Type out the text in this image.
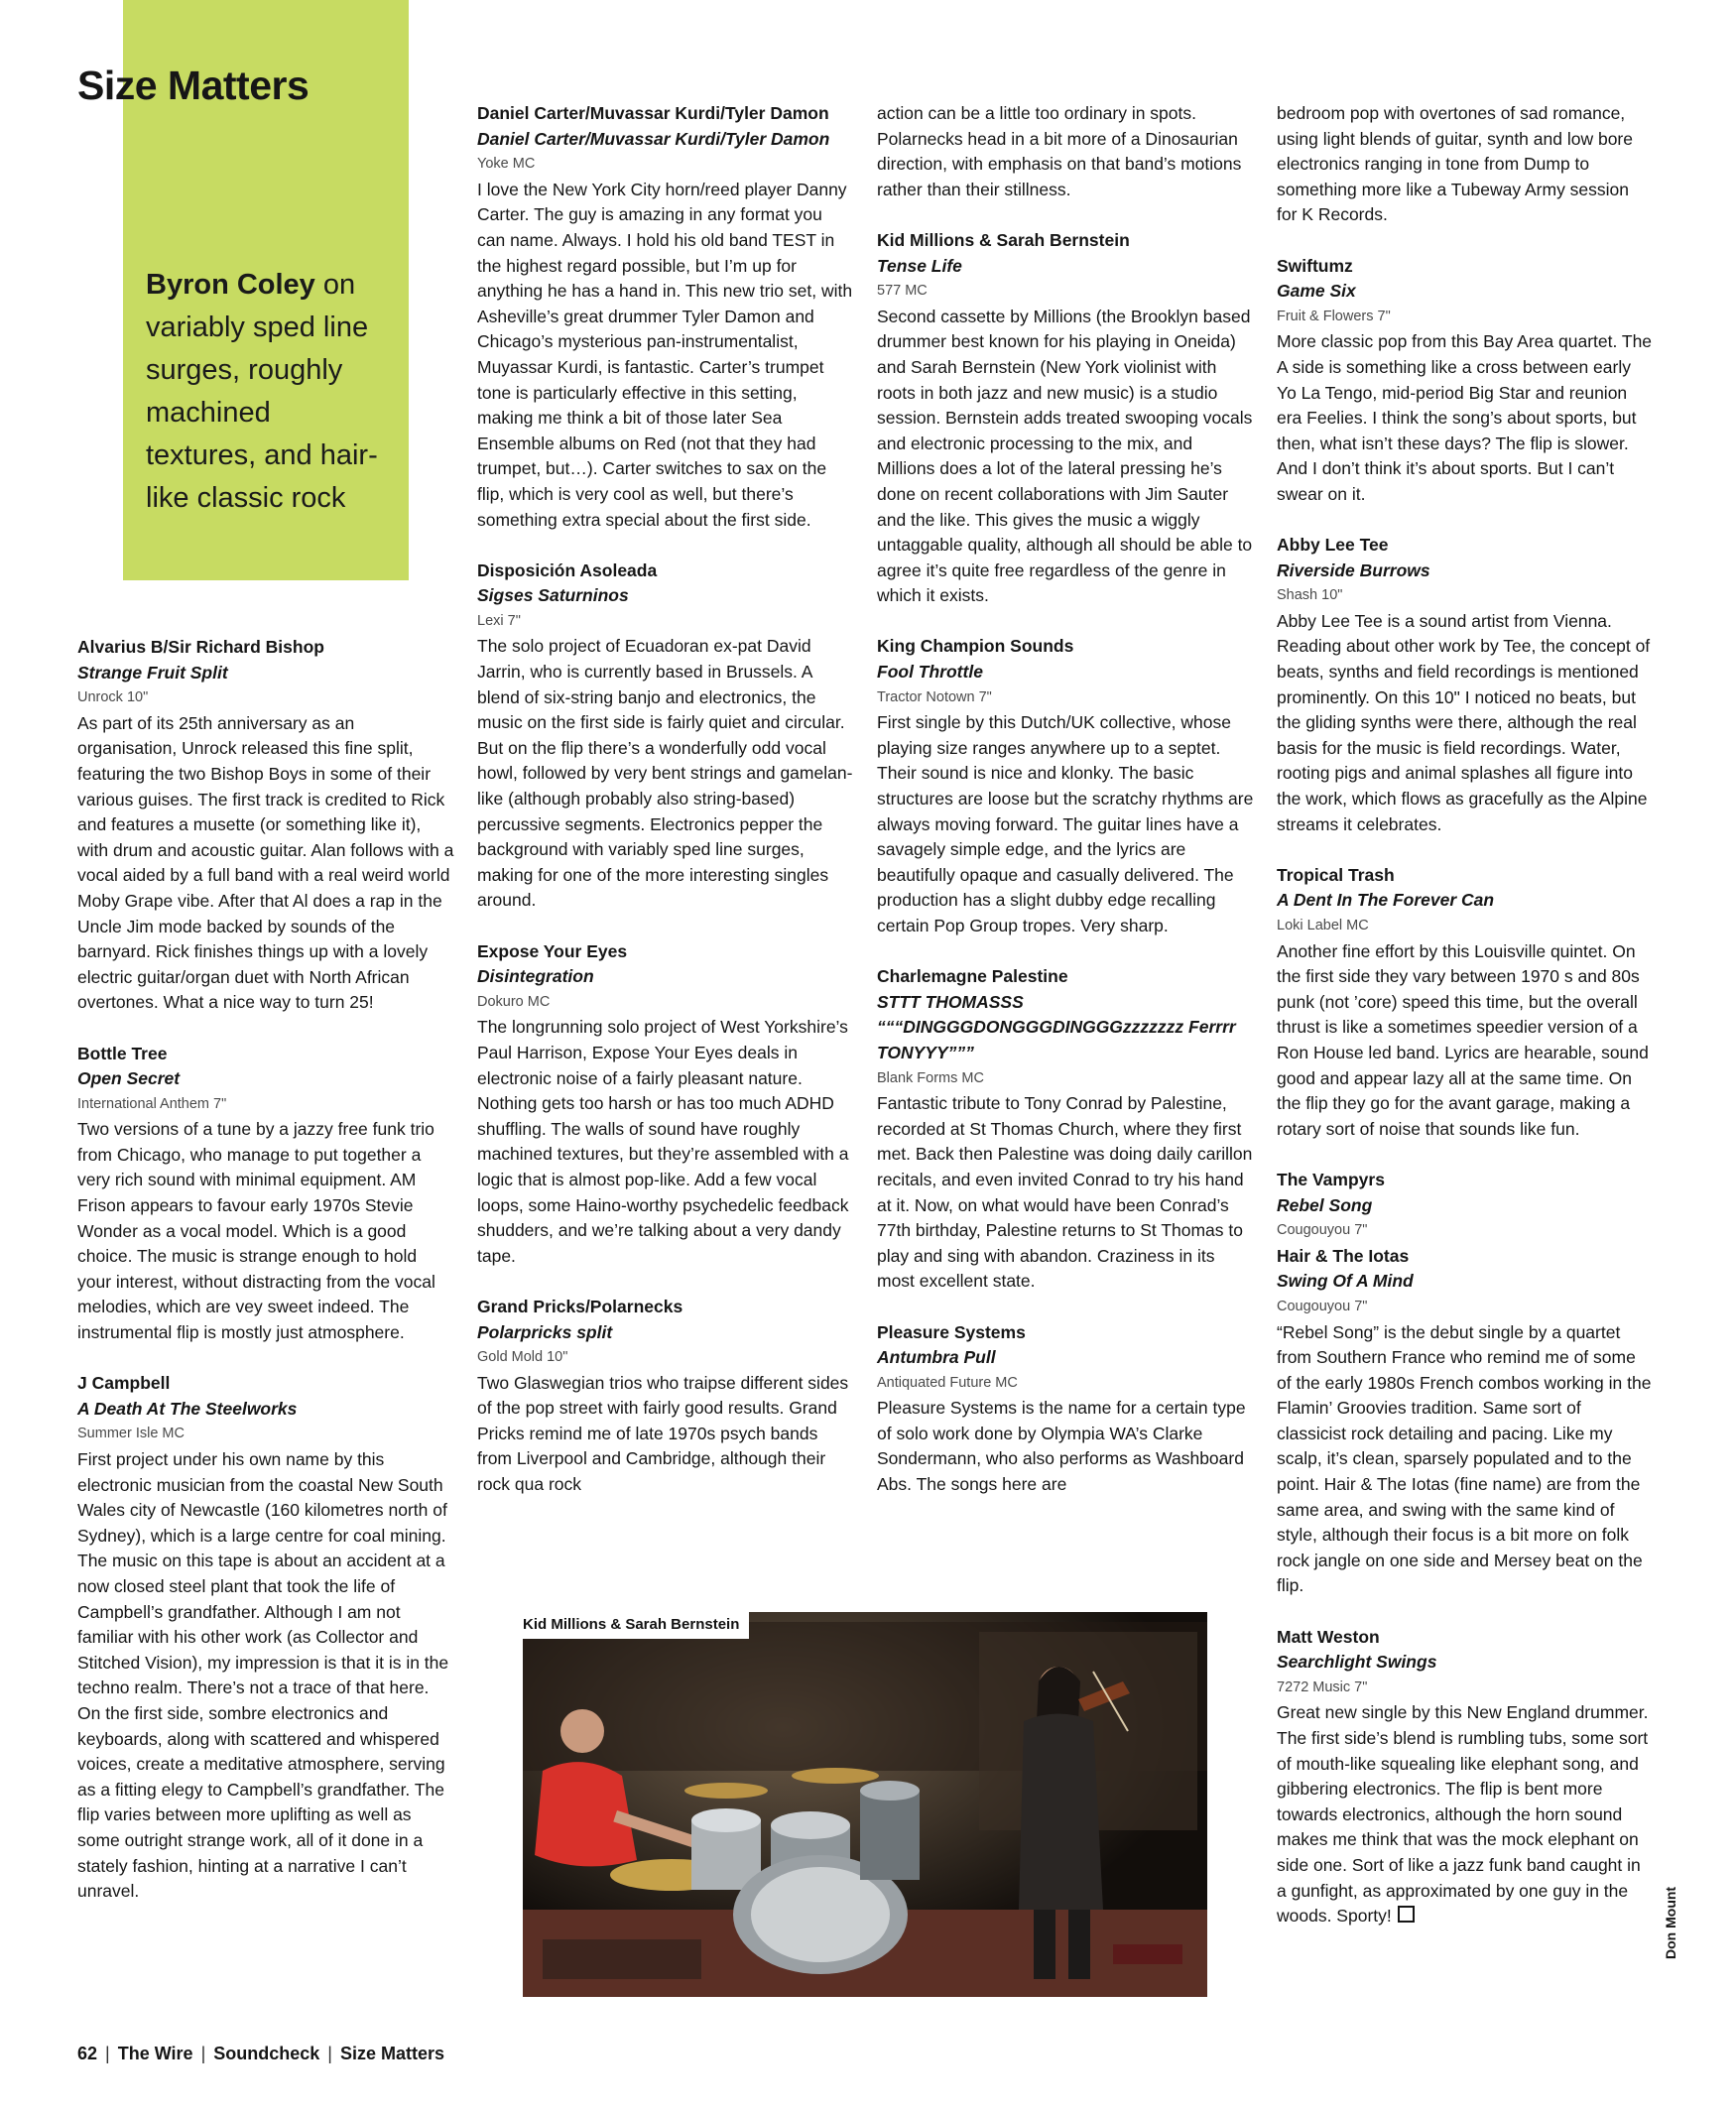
Size Matters
Byron Coley on variably sped line surges, roughly machined textures, and hair-like classic rock

Alvarius B/Sir Richard Bishop
Strange Fruit Split
Unrock 10"
As part of its 25th anniversary as an organisation, Unrock released this fine split, featuring the two Bishop Boys in some of their various guises. The first track is credited to Rick and features a musette (or something like it), with drum and acoustic guitar. Alan follows with a vocal aided by a full band with a real weird world Moby Grape vibe. After that Al does a rap in the Uncle Jim mode backed by sounds of the barnyard. Rick finishes things up with a lovely electric guitar/organ duet with North African overtones. What a nice way to turn 25!

Bottle Tree
Open Secret
International Anthem 7"
Two versions of a tune by a jazzy free funk trio from Chicago, who manage to put together a very rich sound with minimal equipment. AM Frison appears to favour early 1970s Stevie Wonder as a vocal model. Which is a good choice. The music is strange enough to hold your interest, without distracting from the vocal melodies, which are vey sweet indeed. The instrumental flip is mostly just atmosphere.

J Campbell
A Death At The Steelworks
Summer Isle MC
First project under his own name by this electronic musician from the coastal New South Wales city of Newcastle (160 kilometres north of Sydney), which is a large centre for coal mining. The music on this tape is about an accident at a now closed steel plant that took the life of Campbell’s grandfather. Although I am not familiar with his other work (as Collector and Stitched Vision), my impression is that it is in the techno realm. There’s not a trace of that here. On the first side, sombre electronics and keyboards, along with scattered and whispered voices, create a meditative atmosphere, serving as a fitting elegy to Campbell’s grandfather. The flip varies between more uplifting as well as some outright strange work, all of it done in a stately fashion, hinting at a narrative I can’t unravel.

Daniel Carter/Muvassar Kurdi/Tyler Damon
Daniel Carter/Muvassar Kurdi/Tyler Damon
Yoke MC
I love the New York City horn/reed player Danny Carter. The guy is amazing in any format you can name. Always. I hold his old band TEST in the highest regard possible, but I’m up for anything he has a hand in. This new trio set, with Asheville’s great drummer Tyler Damon and Chicago’s mysterious pan-instrumentalist, Muyassar Kurdi, is fantastic. Carter’s trumpet tone is particularly effective in this setting, making me think a bit of those later Sea Ensemble albums on Red (not that they had trumpet, but…). Carter switches to sax on the flip, which is very cool as well, but there’s something extra special about the first side.

Disposición Asoleada
Sigses Saturninos
Lexi 7"
The solo project of Ecuadoran ex-pat David Jarrin, who is currently based in Brussels. A blend of six-string banjo and electronics, the music on the first side is fairly quiet and circular. But on the flip there’s a wonderfully odd vocal howl, followed by very bent strings and gamelan-like (although probably also string-based) percussive segments. Electronics pepper the background with variably sped line surges, making for one of the more interesting singles around.

Expose Your Eyes
Disintegration
Dokuro MC
The longrunning solo project of West Yorkshire’s Paul Harrison, Expose Your Eyes deals in electronic noise of a fairly pleasant nature. Nothing gets too harsh or has too much ADHD shuffling. The walls of sound have roughly machined textures, but they’re assembled with a logic that is almost pop-like. Add a few vocal loops, some Haino-worthy psychedelic feedback shudders, and we’re talking about a very dandy tape.

Grand Pricks/Polarnecks
Polarpricks split
Gold Mold 10"
Two Glaswegian trios who traipse different sides of the pop street with fairly good results. Grand Pricks remind me of late 1970s psych bands from Liverpool and Cambridge, although their rock qua rock

action can be a little too ordinary in spots. Polarnecks head in a bit more of a Dinosaurian direction, with emphasis on that band’s motions rather than their stillness.

Kid Millions & Sarah Bernstein
Tense Life
577 MC
Second cassette by Millions (the Brooklyn based drummer best known for his playing in Oneida) and Sarah Bernstein (New York violinist with roots in both jazz and new music) is a studio session. Bernstein adds treated swooping vocals and electronic processing to the mix, and Millions does a lot of the lateral pressing he’s done on recent collaborations with Jim Sauter and the like. This gives the music a wiggly untaggable quality, although all should be able to agree it’s quite free regardless of the genre in which it exists.

King Champion Sounds
Fool Throttle
Tractor Notown 7"
First single by this Dutch/UK collective, whose playing size ranges anywhere up to a septet. Their sound is nice and klonky. The basic structures are loose but the scratchy rhythms are always moving forward. The guitar lines have a savagely simple edge, and the lyrics are beautifully opaque and casually delivered. The production has a slight dubby edge recalling certain Pop Group tropes. Very sharp.

Charlemagne Palestine
STTT THOMASSS “““DINGGGDONGGGDINGGGzzzzzzz Ferrrr TONYYY”””
Blank Forms MC
Fantastic tribute to Tony Conrad by Palestine, recorded at St Thomas Church, where they first met. Back then Palestine was doing daily carillon recitals, and even invited Conrad to try his hand at it. Now, on what would have been Conrad’s 77th birthday, Palestine returns to St Thomas to play and sing with abandon. Craziness in its most excellent state.

Pleasure Systems
Antumbra Pull
Antiquated Future MC
Pleasure Systems is the name for a certain type of solo work done by Olympia WA’s Clarke Sondermann, who also performs as Washboard Abs. The songs here are

bedroom pop with overtones of sad romance, using light blends of guitar, synth and low bore electronics ranging in tone from Dump to something more like a Tubeway Army session for K Records.

Swiftumz
Game Six
Fruit & Flowers 7"
More classic pop from this Bay Area quartet. The A side is something like a cross between early Yo La Tengo, mid-period Big Star and reunion era Feelies. I think the song’s about sports, but then, what isn’t these days? The flip is slower. And I don’t think it’s about sports. But I can’t swear on it.

Abby Lee Tee
Riverside Burrows
Shash 10"
Abby Lee Tee is a sound artist from Vienna. Reading about other work by Tee, the concept of beats, synths and field recordings is mentioned prominently. On this 10" I noticed no beats, but the gliding synths were there, although the real basis for the music is field recordings. Water, rooting pigs and animal splashes all figure into the work, which flows as gracefully as the Alpine streams it celebrates.

Tropical Trash
A Dent In The Forever Can
Loki Label MC
Another fine effort by this Louisville quintet. On the first side they vary between 1970 s and 80s punk (not ’core) speed this time, but the overall thrust is like a sometimes speedier version of a Ron House led band. Lyrics are hearable, sound good and appear lazy all at the same time. On the flip they go for the avant garage, making a rotary sort of noise that sounds like fun.

The Vampyrs
Rebel Song
Cougouyou 7"

Hair & The Iotas
Swing Of A Mind
Cougouyou 7"
“Rebel Song” is the debut single by a quartet from Southern France who remind me of some of the early 1980s French combos working in the Flamin’ Groovies tradition. Same sort of classicist rock detailing and pacing. Like my scalp, it’s clean, sparsely populated and to the point. Hair & The Iotas (fine name) are from the same area, and swing with the same kind of style, although their focus is a bit more on folk rock jangle on one side and Mersey beat on the flip.

Matt Weston
Searchlight Swings
7272 Music 7"
Great new single by this New England drummer. The first side’s blend is rumbling tubs, some sort of mouth-like squealing like elephant song, and gibbering electronics. The flip is bent more towards electronics, although the horn sound makes me think that was the mock elephant on side one. Sort of like a jazz funk band caught in a gunfight, as approximated by one guy in the woods. Sporty!

Kid Millions & Sarah Bernstein
Don Mount
62 | The Wire | Soundcheck | Size Matters
